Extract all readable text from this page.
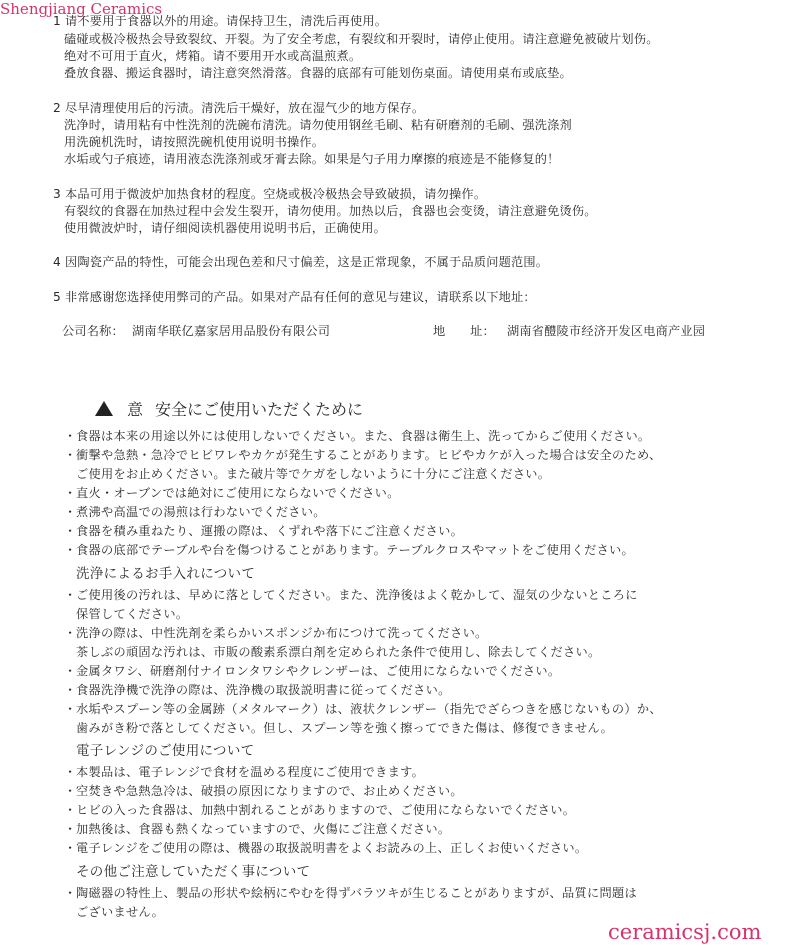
Shengjiang Ceramics
1 请不要用于食器以外的用途。请保持卫生，清洗后再使用。
磕碰或极冷极热会导致裂纹、开裂。为了安全考虑，有裂纹和开裂时，请停止使用。请注意避免被破片划伤。
绝对不可用于直火，烤箱。请不要用开水或高温煎煮。
叠放食器、搬运食器时，请注意突然滑落。食器的底部有可能划伤桌面。请使用桌布或底垫。
2 尽早清理使用后的污渍。清洗后干燥好，放在湿气少的地方保存。
洗净时，请用粘有中性洗剂的洗碗布清洗。请勿使用钢丝毛刷、粘有研磨剂的毛刷、强洗涤剂
用洗碗机洗时，请按照洗碗机使用说明书操作。
水垢或勺子痕迹，请用液态洗涤剂或牙膏去除。如果是勺子用力摩擦的痕迹是不能修复的！
3 本品可用于微波炉加热食材的程度。空烧或极冷极热会导致破损，请勿操作。
有裂纹的食器在加热过程中会发生裂开，请勿使用。加热以后，食器也会变烫，请注意避免烫伤。
使用微波炉时，请仔细阅读机器使用说明书后，正确使用。
4 因陶瓷产品的特性，可能会出现色差和尺寸偏差，这是正常现象，不属于品质问题范围。
5 非常感谢您选择使用弊司的产品。如果对产品有任何的意见与建议，请联系以下地址：
公司名称： 湖南华联亿嘉家居用品股份有限公司	地　　址： 湖南省醴陵市经济开发区电商产业园
意 安全にご使用いただくために
・食器は本来の用途以外には使用しないでください。また、食器は衛生上、洗ってからご使用ください。
・衝撃や急熱・急冷でヒビワレやカケが発生することがあります。ヒビやカケが入った場合は安全のため、
ご使用をお止めください。また破片等でケガをしないように十分にご注意ください。
・直火・オーブンでは絶対にご使用にならないでください。
・煮沸や高温での湯煎は行わないでください。
・食器を積み重ねたり、運搬の際は、くずれや落下にご注意ください。
・食器の底部でテーブルや台を傷つけることがあります。テーブルクロスやマットをご使用ください。
洗浄によるお手入れについて
・ご使用後の汚れは、早めに落としてください。また、洗浄後はよく乾かして、湿気の少ないところに
保管してください。
・洗浄の際は、中性洗剤を柔らかいスポンジか布につけて洗ってください。
茶しぶの頑固な汚れは、市販の酸素系漂白剤を定められた条件で使用し、除去してください。
・金属タワシ、研磨剤付ナイロンタワシやクレンザーは、ご使用にならないでください。
・食器洗浄機で洗浄の際は、洗浄機の取扱説明書に従ってください。
・水垢やスプーン等の金属跡（メタルマーク）は、液状クレンザー（指先でざらつきを感じないもの）か、
歯みがき粉で落としてください。但し、スプーン等を強く擦ってできた傷は、修復できません。
電子レンジのご使用について
・本製品は、電子レンジで食材を温める程度にご使用できます。
・空焚きや急熱急冷は、破損の原因になりますので、お止めください。
・ヒビの入った食器は、加熱中割れることがありますので、ご使用にならないでください。
・加熱後は、食器も熱くなっていますので、火傷にご注意ください。
・電子レンジをご使用の際は、機器の取扱説明書をよくお読みの上、正しくお使いください。
その他ご注意していただく事について
・陶磁器の特性上、製品の形状や絵柄にやむを得ずバラツキが生じることがありますが、品質に問題は
ございません。
ceramicsj.com
